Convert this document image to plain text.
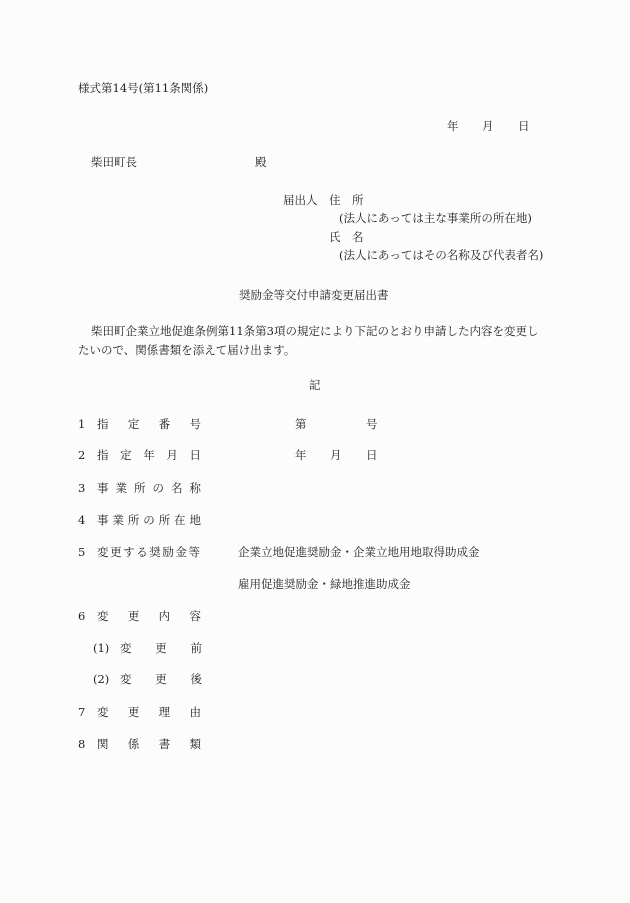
様式第14号(第11条関係)
年 月 日
柴田町長	殿
届出人 住 所
(法人にあっては主な事業所の所在地)
氏 名
(法人にあってはその名称及び代表者名)
奨励金等交付申請変更届出書
柴田町企業立地促進条例第11条第3項の規定により下記のとおり申請した内容を変更し
たいので、関係書類を添えて届け出ます。
記
1 指 定 番 号	第	号
2 指 定 年 月 日	年 月 日
3 事 業 所 の 名 称
4 事 業 所 の 所 在 地
5 変 更 す る 奨 励 金 等	企業立地促進奨励金・企業立地用地取得助成金
雇用促進奨励金・緑地推進助成金
6 変 更 内 容
(1) 変 更 前
(2) 変 更 後
7 変 更 理 由
8 関 係 書 類
